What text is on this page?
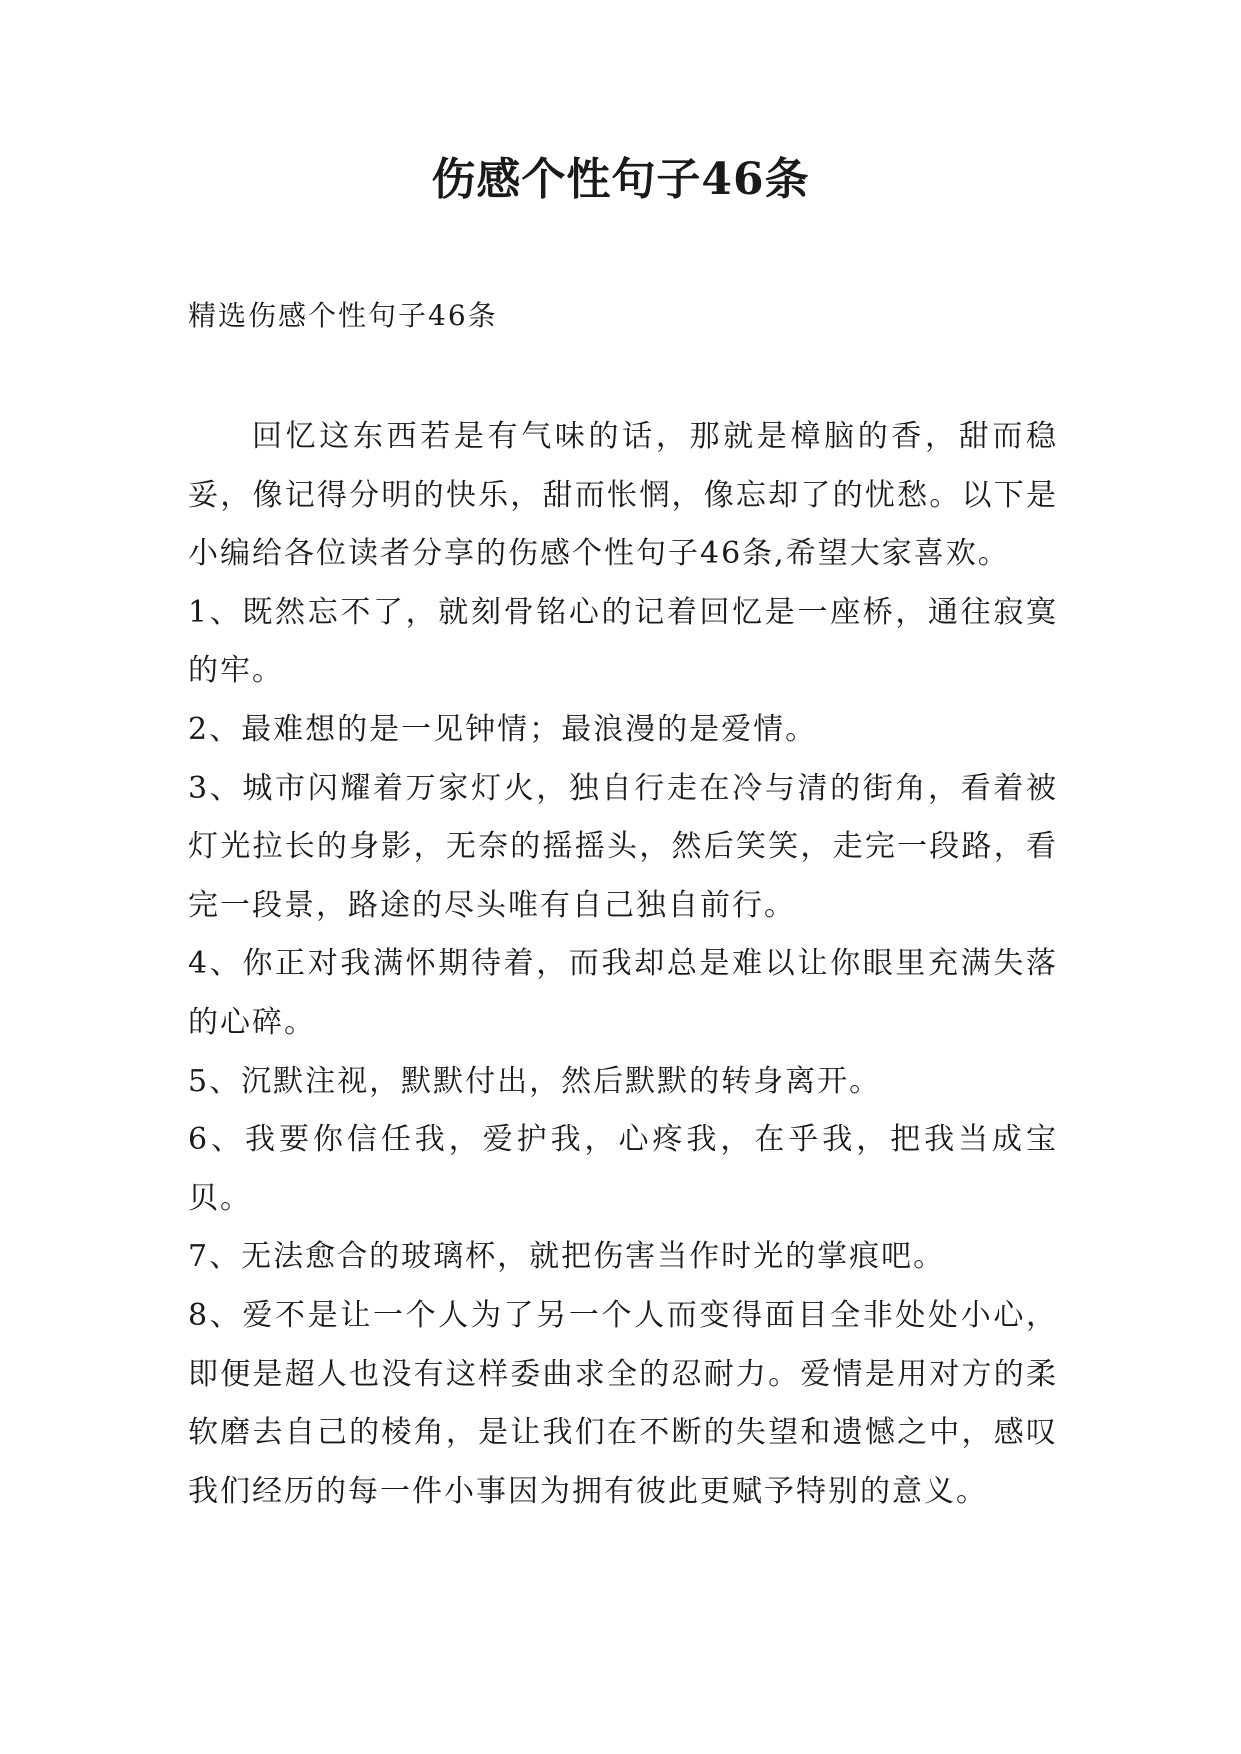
伤感个性句子46条

精选伤感个性句子46条

回忆这东西若是有气味的话，那就是樟脑的香，甜而稳妥，像记得分明的快乐，甜而怅惘，像忘却了的忧愁。以下是小编给各位读者分享的伤感个性句子46条,希望大家喜欢。

1、既然忘不了，就刻骨铭心的记着回忆是一座桥，通往寂寞的牢。

2、最难想的是一见钟情；最浪漫的是爱情。

3、城市闪耀着万家灯火，独自行走在冷与清的街角，看着被灯光拉长的身影，无奈的摇摇头，然后笑笑，走完一段路，看完一段景，路途的尽头唯有自己独自前行。

4、你正对我满怀期待着，而我却总是难以让你眼里充满失落的心碎。

5、沉默注视，默默付出，然后默默的转身离开。

6、我要你信任我，爱护我，心疼我，在乎我，把我当成宝贝。

7、无法愈合的玻璃杯，就把伤害当作时光的掌痕吧。

8、爱不是让一个人为了另一个人而变得面目全非处处小心，即便是超人也没有这样委曲求全的忍耐力。爱情是用对方的柔软磨去自己的棱角，是让我们在不断的失望和遗憾之中，感叹我们经历的每一件小事因为拥有彼此更赋予特别的意义。
